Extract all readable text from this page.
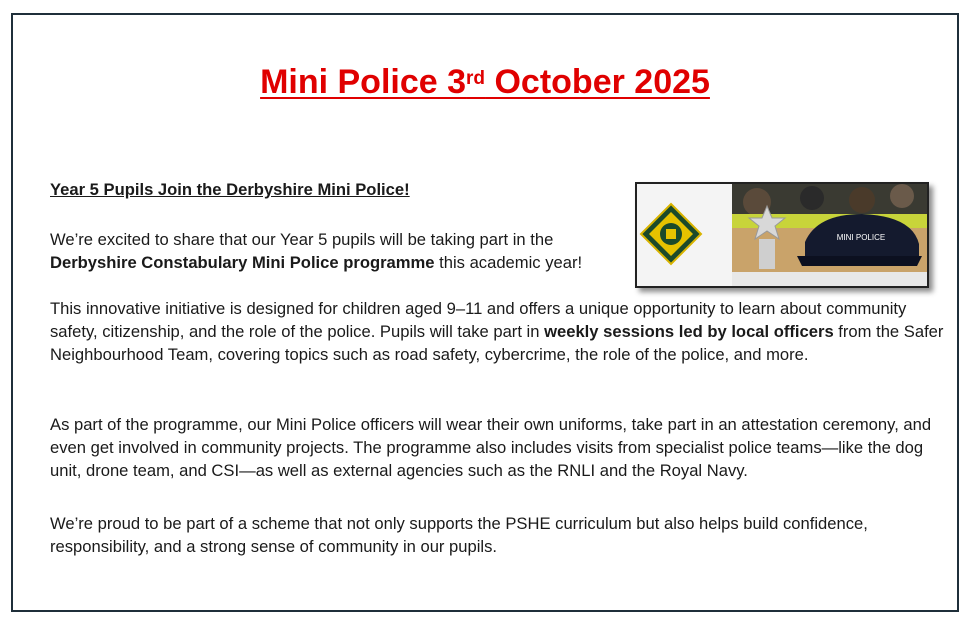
Mini Police 3rd October 2025
Year 5 Pupils Join the Derbyshire Mini Police!
We’re excited to share that our Year 5 pupils will be taking part in the Derbyshire Constabulary Mini Police programme this academic year!
This innovative initiative is designed for children aged 9–11 and offers a unique opportunity to learn about community safety, citizenship, and the role of the police. Pupils will take part in weekly sessions led by local officers from the Safer Neighbourhood Team, covering topics such as road safety, cybercrime, the role of the police, and more.
As part of the programme, our Mini Police officers will wear their own uniforms, take part in an attestation ceremony, and even get involved in community projects. The programme also includes visits from specialist police teams—like the dog unit, drone team, and CSI—as well as external agencies such as the RNLI and the Royal Navy.
We’re proud to be part of a scheme that not only supports the PSHE curriculum but also helps build confidence, responsibility, and a strong sense of community in our pupils.
MINI POLICE
